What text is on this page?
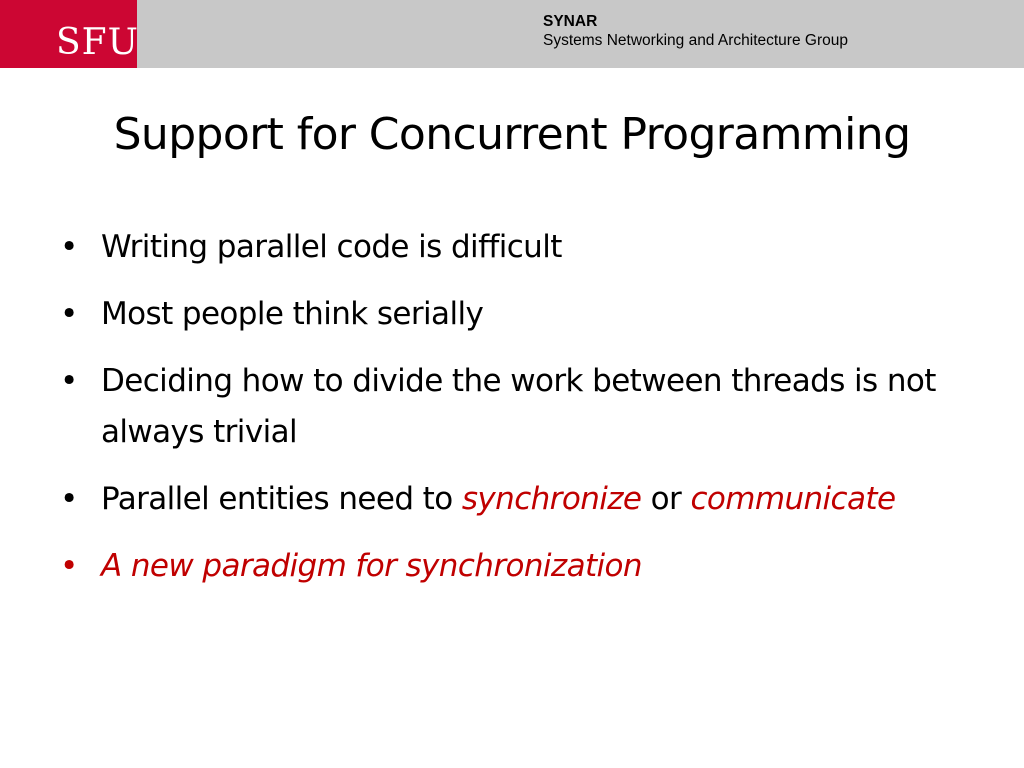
SFU
SYNAR
Systems Networking and Architecture Group
Support for Concurrent Programming
• Writing parallel code is difficult
• Most people think serially
• Deciding how to divide the work between threads is not always trivial
• Parallel entities need to synchronize or communicate
• A new paradigm for synchronization
